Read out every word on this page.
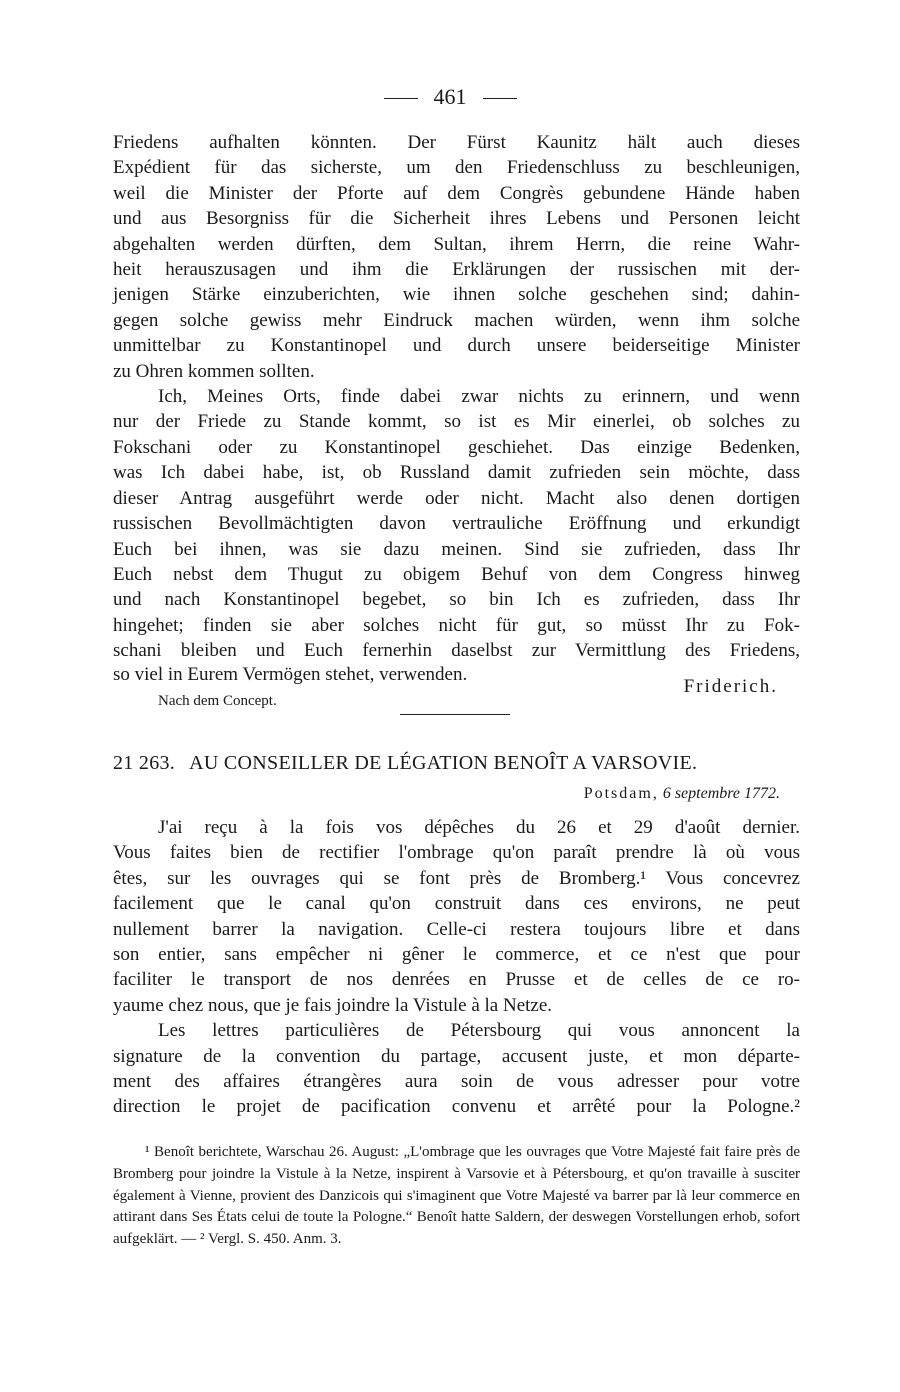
461

Friedens aufhalten könnten. Der Fürst Kaunitz hält auch dieses

Expédient für das sicherste, um den Friedenschluss zu beschleunigen,

weil die Minister der Pforte auf dem Congrès gebundene Hände haben

und aus Besorgniss für die Sicherheit ihres Lebens und Personen leicht

abgehalten werden dürften, dem Sultan, ihrem Herrn, die reine Wahr-

heit herauszusagen und ihm die Erklärungen der russischen mit der-

jenigen Stärke einzuberichten, wie ihnen solche geschehen sind; dahin-

gegen solche gewiss mehr Eindruck machen würden, wenn ihm solche

unmittelbar zu Konstantinopel und durch unsere beiderseitige Minister

zu Ohren kommen sollten.

Ich, Meines Orts, finde dabei zwar nichts zu erinnern, und wenn

nur der Friede zu Stande kommt, so ist es Mir einerlei, ob solches zu

Fokschani oder zu Konstantinopel geschiehet. Das einzige Bedenken,

was Ich dabei habe, ist, ob Russland damit zufrieden sein möchte, dass

dieser Antrag ausgeführt werde oder nicht. Macht also denen dortigen

russischen Bevollmächtigten davon vertrauliche Eröffnung und erkundigt

Euch bei ihnen, was sie dazu meinen. Sind sie zufrieden, dass Ihr

Euch nebst dem Thugut zu obigem Behuf von dem Congress hinweg

und nach Konstantinopel begebet, so bin Ich es zufrieden, dass Ihr

hingehet; finden sie aber solches nicht für gut, so müsst Ihr zu Fok-

schani bleiben und Euch fernerhin daselbst zur Vermittlung des Friedens,

so viel in Eurem Vermögen stehet, verwenden.
Friderich.
Nach dem Concept.
21 263. AU CONSEILLER DE LÉGATION BENOÎT A VARSOVIE.
Potsdam, 6 septembre 1772.

J'ai reçu à la fois vos dépêches du 26 et 29 d'août dernier.

Vous faites bien de rectifier l'ombrage qu'on paraît prendre là où vous

êtes, sur les ouvrages qui se font près de Bromberg.¹ Vous concevrez

facilement que le canal qu'on construit dans ces environs, ne peut

nullement barrer la navigation. Celle-ci restera toujours libre et dans

son entier, sans empêcher ni gêner le commerce, et ce n'est que pour

faciliter le transport de nos denrées en Prusse et de celles de ce ro-

yaume chez nous, que je fais joindre la Vistule à la Netze.

Les lettres particulières de Pétersbourg qui vous annoncent la

signature de la convention du partage, accusent juste, et mon départe-

ment des affaires étrangères aura soin de vous adresser pour votre

direction le projet de pacification convenu et arrêté pour la Pologne.²

¹ Benoît berichtete, Warschau 26. August: „L'ombrage que les ouvrages que Votre Majesté fait faire près de Bromberg pour joindre la Vistule à la Netze, inspirent à Varsovie et à Pétersbourg, et qu'on travaille à susciter également à Vienne, provient des Danzicois qui s'imaginent que Votre Majesté va barrer par là leur commerce en attirant dans Ses États celui de toute la Pologne.“ Benoît hatte Saldern, der deswegen Vorstellungen erhob, sofort aufgeklärt. — ² Vergl. S. 450. Anm. 3.
